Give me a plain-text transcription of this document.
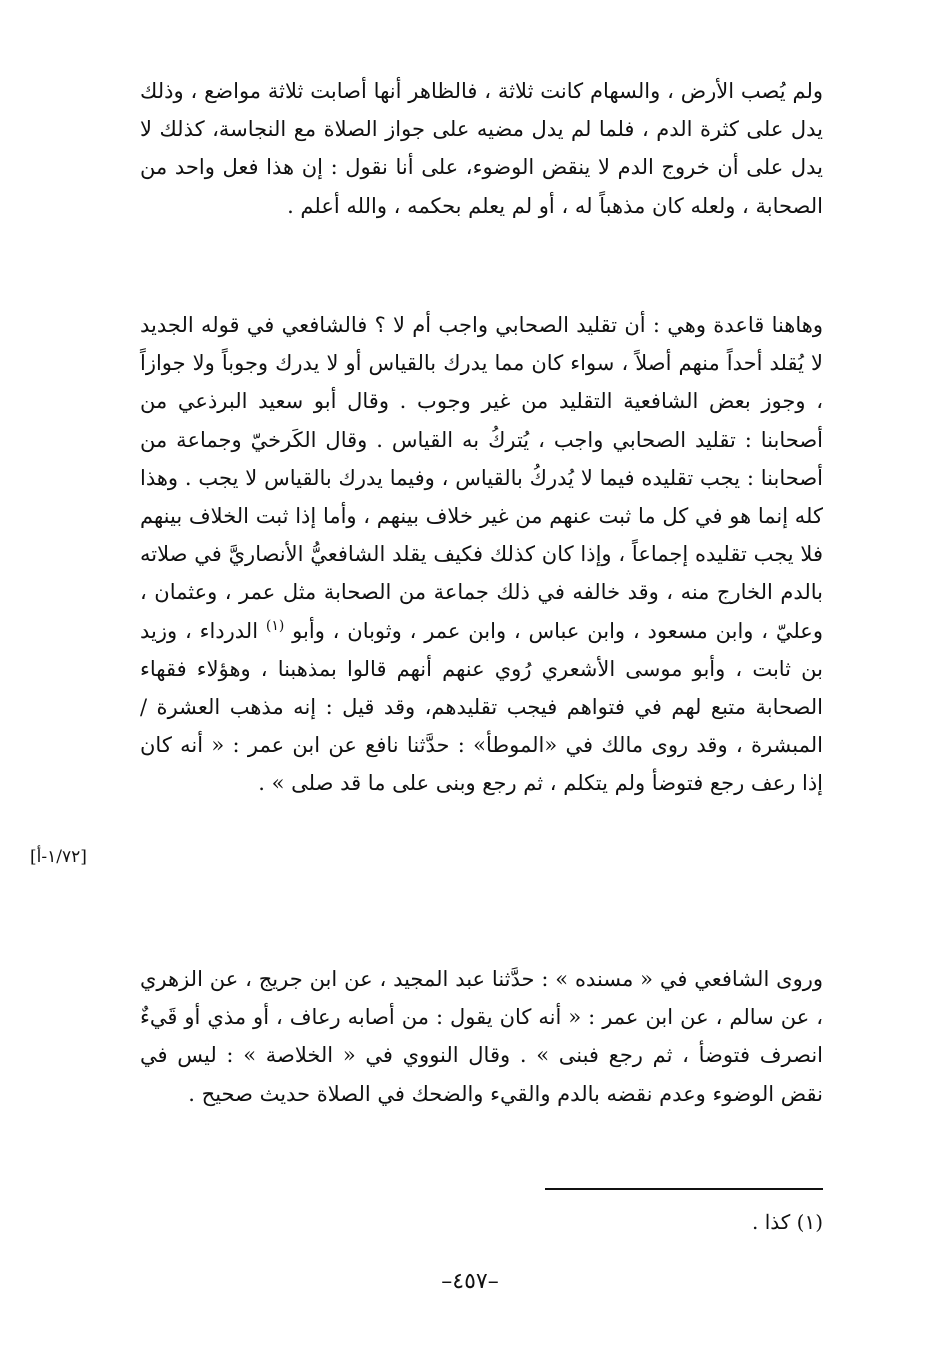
ولم يُصب الأرض ، والسهام كانت ثلاثة ، فالظاهر أنها أصابت ثلاثة مواضع ، وذلك يدل على كثرة الدم ، فلما لم يدل مضيه على جواز الصلاة مع النجاسة، كذلك لا يدل على أن خروج الدم لا ينقض الوضوء، على أنا نقول : إن هذا فعل واحد من الصحابة ، ولعله كان مذهباً له ، أو لم يعلم بحكمه ، والله أعلم .
وهاهنا قاعدة وهي : أن تقليد الصحابي واجب أم لا ؟ فالشافعي في قوله الجديد لا يُقلد أحداً منهم أصلاً ، سواء كان مما يدرك بالقياس أو لا يدرك وجوباً ولا جوازاً ، وجوز بعض الشافعية التقليد من غير وجوب . وقال أبو سعيد البرذعي من أصحابنا : تقليد الصحابي واجب ، يُتركُ به القياس . وقال الكَرخيّ وجماعة من أصحابنا : يجب تقليده فيما لا يُدركُ بالقياس ، وفيما يدرك بالقياس لا يجب . وهذا كله إنما هو في كل ما ثبت عنهم من غير خلاف بينهم ، وأما إذا ثبت الخلاف بينهم فلا يجب تقليده إجماعاً ، وإذا كان كذلك فكيف يقلد الشافعيُّ الأنصاريَّ في صلاته بالدم الخارج منه ، وقد خالفه في ذلك جماعة من الصحابة مثل عمر ، وعثمان ، وعليّ ، وابن مسعود ، وابن عباس ، وابن عمر ، وثوبان ، وأبو $^{(١)}$ الدرداء ، وزيد بن ثابت ، وأبو موسى الأشعري رُوي عنهم أنهم قالوا بمذهبنا ، وهؤلاء فقهاء الصحابة متبع لهم في فتواهم فيجب تقليدهم، وقد قيل : إنه مذهب العشرة / المبشرة ، وقد روى مالك في «الموطأ» : حدَّثنا نافع عن ابن عمر : « أنه كان إذا رعف رجع فتوضأ ولم يتكلم ، ثم رجع وبنى على ما قد صلى » .
[١/٧٢-أ]
وروى الشافعي في « مسنده » : حدَّثنا عبد المجيد ، عن ابن جريج ، عن الزهري ، عن سالم ، عن ابن عمر : « أنه كان يقول : من أصابه رعاف ، أو مذي أو قَيءٌ انصرف فتوضأ ، ثم رجع فبنى » . وقال النووي في « الخلاصة » : ليس في نقض الوضوء وعدم نقضه بالدم والقيء والضحك في الصلاة حديث صحيح .
(١) كذا .
–٤٥٧–
